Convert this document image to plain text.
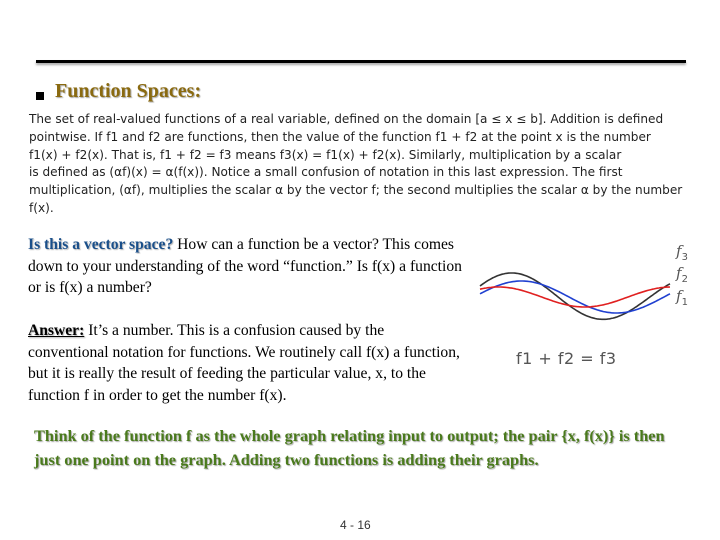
Function Spaces:

The set of real-valued functions of a real variable, defined on the domain [a ≤ x ≤ b]. Addition is defined
pointwise. If f1 and f2 are functions, then the value of the function f1 + f2 at the point x is the number
f1(x) + f2(x). That is, f1 + f2 = f3 means f3(x) = f1(x) + f2(x). Similarly, multiplication by a scalar
is defined as (αf)(x) = α(f(x)). Notice a small confusion of notation in this last expression. The first
multiplication, (αf), multiplies the scalar α by the vector f; the second multiplies the scalar α by the number
f(x).

Is this a vector space? How can a function be a vector? This comes down to your understanding of the word “function.” Is f(x) a function or is f(x) a number?
Answer: It’s a number. This is a confusion caused by the conventional notation for functions. We routinely call f(x) a function, but it is really the result of feeding the particular value, x, to the function f in order to get the number f(x).
$f_3$
$f_2$
$f_1$
f1 + f2 = f3
Think of the function f as the whole graph relating input to output; the pair {x, f(x)} is then just one point on the graph. Adding two functions is adding their graphs.
4 - 16
